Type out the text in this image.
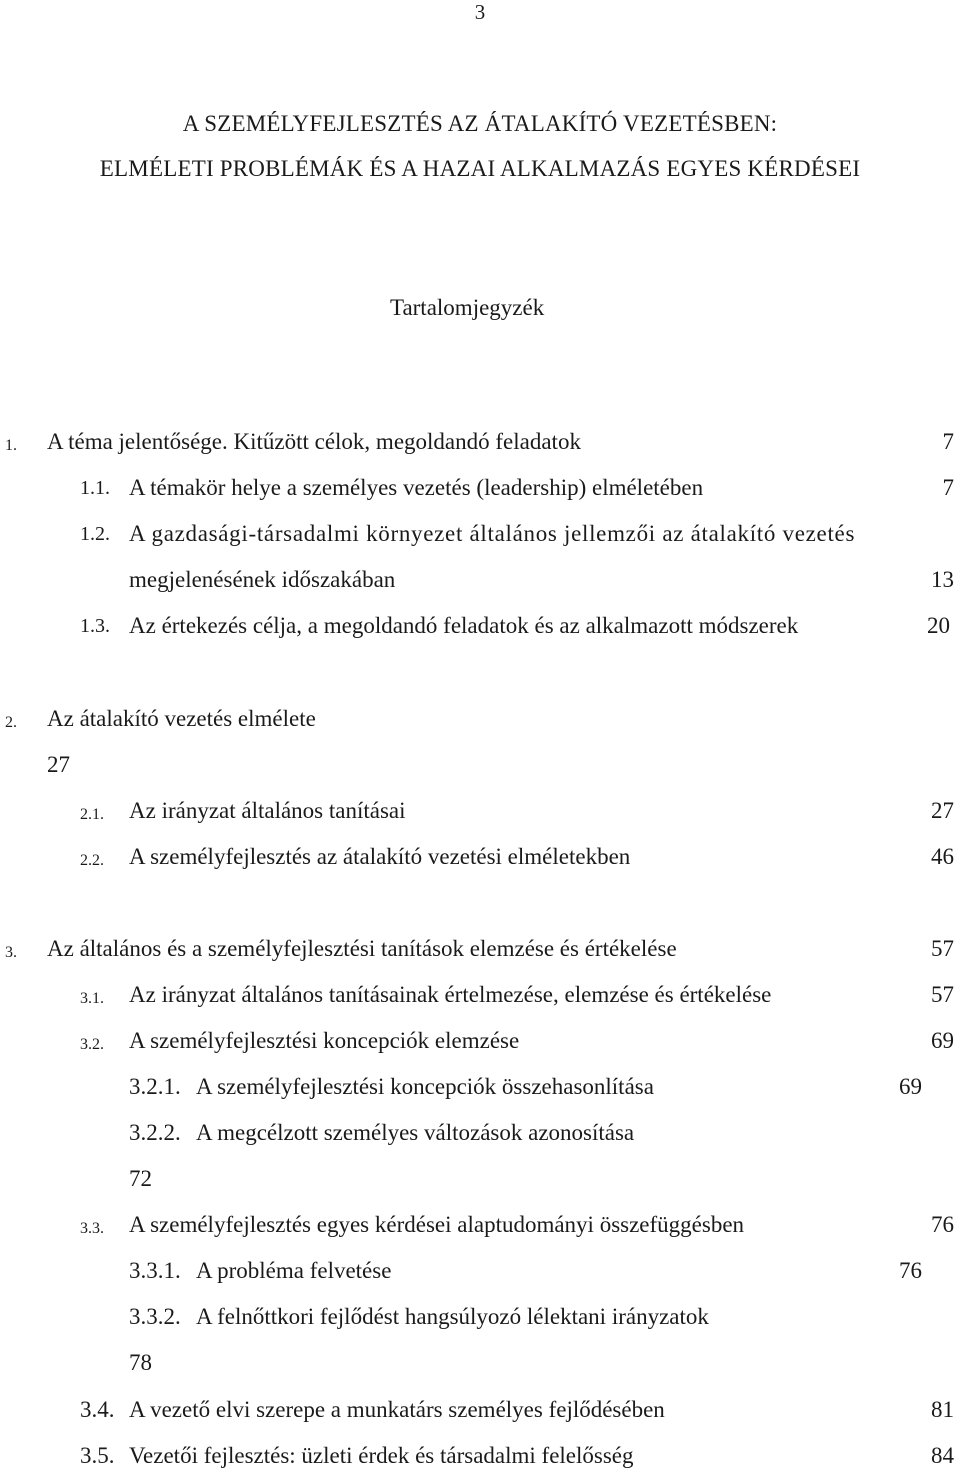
3
A SZEMÉLYFEJLESZTÉS AZ ÁTALAKÍTÓ VEZETÉSBEN:
ELMÉLETI PROBLÉMÁK ÉS A HAZAI ALKALMAZÁS EGYES KÉRDÉSEI
Tartalomjegyzék
1. A téma jelentősége. Kitűzött célok, megoldandó feladatok	7
1.1. A témakör helye a személyes vezetés (leadership) elméletében	7
1.2. A gazdasági-társadalmi környezet általános jellemzői az átalakító vezetés
megjelenésének időszakában	13
1.3. Az értekezés célja, a megoldandó feladatok és az alkalmazott módszerek	20
2. Az átalakító vezetés elmélete
27
2.1. Az irányzat általános tanításai	27
2.2. A személyfejlesztés az átalakító vezetési elméletekben	46
3. Az általános és a személyfejlesztési tanítások elemzése és értékelése	57
3.1. Az irányzat általános tanításainak értelmezése, elemzése és értékelése	57
3.2. A személyfejlesztési koncepciók elemzése	69
3.2.1. A személyfejlesztési koncepciók összehasonlítása	69
3.2.2. A megcélzott személyes változások azonosítása
72
3.3. A személyfejlesztés egyes kérdései alaptudományi összefüggésben	76
3.3.1. A probléma felvetése	76
3.3.2. A felnőttkori fejlődést hangsúlyozó lélektani irányzatok
78
3.4. A vezető elvi szerepe a munkatárs személyes fejlődésében	81
3.5. Vezetői fejlesztés: üzleti érdek és társadalmi felelősség	84
